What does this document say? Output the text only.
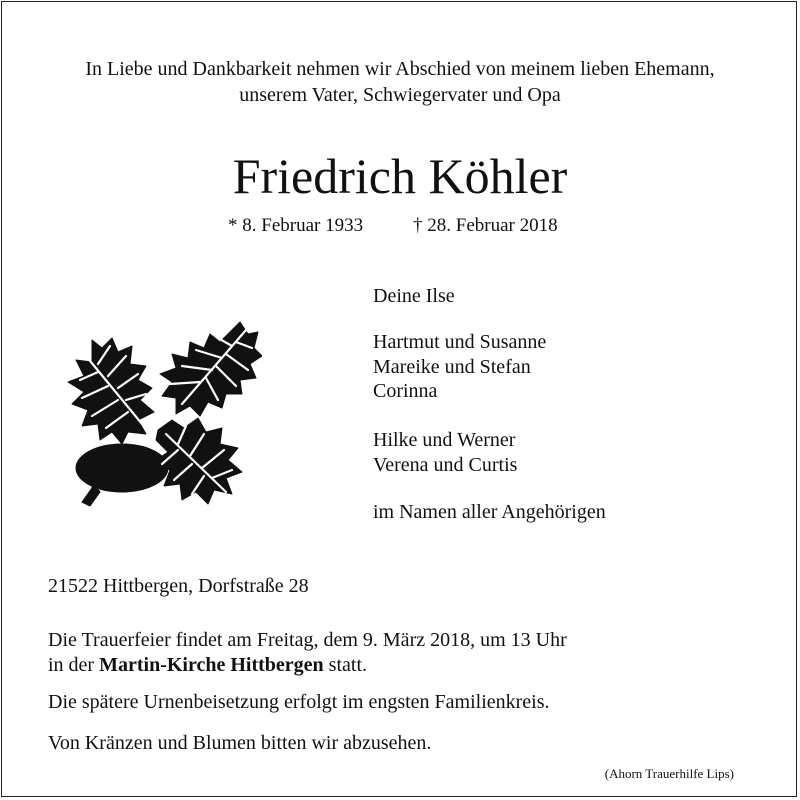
In Liebe und Dankbarkeit nehmen wir Abschied von meinem lieben Ehemann,
unserem Vater, Schwiegervater und Opa
Friedrich Köhler
* 8. Februar 1933	† 28. Februar 2018
Deine Ilse
Hartmut und Susanne
Mareike und Stefan
Corinna
Hilke und Werner
Verena und Curtis
im Namen aller Angehörigen
21522 Hittbergen, Dorfstraße 28
Die Trauerfeier findet am Freitag, dem 9. März 2018, um 13 Uhr
in der Martin-Kirche Hittbergen statt.
Die spätere Urnenbeisetzung erfolgt im engsten Familienkreis.
Von Kränzen und Blumen bitten wir abzusehen.
(Ahorn Trauerhilfe Lips)
